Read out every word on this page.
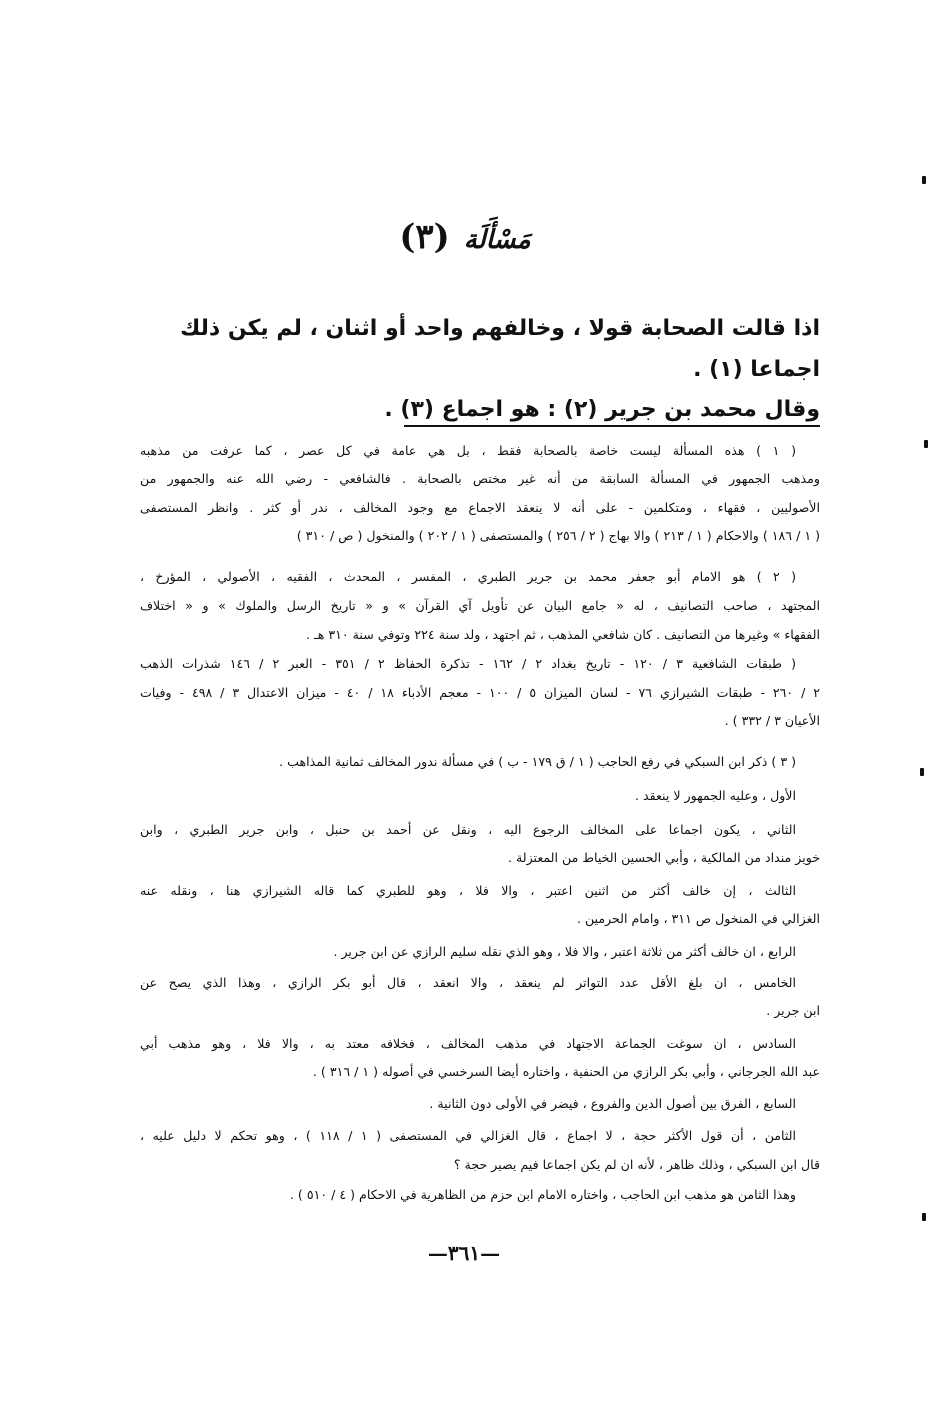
مَسْأَلَة(٣)
اذا قالت الصحابة قولا ، وخالفهم واحد أو اثنان ، لم يكن ذلك
اجماعا (١) .
وقال محمد بن جرير (٢) : هو اجماع (٣) .
( ١ ) هذه المسألة ليست خاصة بالصحابة فقط ، بل هي عامة في كل عصر ، كما عرفت من مذهبه
ومذهب الجمهور في المسألة السابقة من أنه غير مختص بالصحابة . فالشافعي - رضي الله عنه والجمهور من
الأصوليين ، فقهاء ، ومتكلمين - على أنه لا ينعقد الاجماع مع وجود المخالف ، ندر أو كثر . وانظر المستصفى
( ١ / ١٨٦ ) والاحكام ( ١ / ٢١٣ ) والا بهاج ( ٢ / ٢٥٦ ) والمستصفى ( ١ / ٢٠٢ ) والمنخول ( ص / ٣١٠ )
( ٢ ) هو الامام أبو جعفر محمد بن جرير الطبري ، المفسر ، المحدث ، الفقيه ، الأصولي ، المؤرخ ،
المجتهد ، صاحب التصانيف ، له « جامع البيان عن تأويل آي القرآن » و « تاريخ الرسل والملوك » و « اختلاف
الفقهاء » وغيرها من التصانيف . كان شافعي المذهب ، ثم اجتهد ، ولد سنة ٢٢٤ وتوفي سنة ٣١٠ هـ .
( طبقات الشافعية ٣ / ١٢٠ - تاريخ بغداد ٢ / ١٦٢ - تذكرة الحفاظ ٢ / ٣٥١ - العبر ٢ / ١٤٦ شذرات الذهب
٢ / ٢٦٠ - طبقات الشيرازي ٧٦ - لسان الميزان ٥ / ١٠٠ - معجم الأدباء ١٨ / ٤٠ - ميزان الاعتدال ٣ / ٤٩٨ - وفيات
الأعيان ٣ / ٣٣٢ ) .
( ٣ ) ذكر ابن السبكي في رفع الحاجب ( ١ / ق ١٧٩ - ب ) في مسألة ندور المخالف ثمانية المذاهب .
الأول ، وعليه الجمهور لا ينعقد .
الثاني ، يكون اجماعا على المخالف الرجوع اليه ، ونقل عن أحمد بن حنبل ، وابن جرير الطبري ، وابن
خويز منداد من المالكية ، وأبي الحسين الخياط من المعتزلة .
الثالث ، إن خالف أكثر من اثنين اعتبر ، والا فلا ، وهو للطبري كما قاله الشيرازي هنا ، ونقله عنه
الغزالي في المنخول ص ٣١١ ، وامام الحرمين .
الرابع ، ان خالف أكثر من ثلاثة اعتبر ، والا فلا ، وهو الذي نقله سليم الرازي عن ابن جرير .
الخامس ، ان بلغ الأقل عدد التواتر لم ينعقد ، والا انعقد ، قال أبو بكر الرازي ، وهذا الذي يصح عن
ابن جرير .
السادس ، ان سوغت الجماعة الاجتهاد في مذهب المخالف ، فخلافه معتد به ، والا فلا ، وهو مذهب أبي
عبد الله الجرجاني ، وأبي بكر الرازي من الحنفية ، واختاره أيضا السرخسي في أصوله ( ١ / ٣١٦ ) .
السابع ، الفرق بين أصول الدين والفروع ، فيضر في الأولى دون الثانية .
الثامن ، أن قول الأكثر حجة ، لا اجماع ، قال الغزالي في المستصفى ( ١ / ١١٨ ) ، وهو تحكم لا دليل عليه ،
قال ابن السبكي ، وذلك ظاهر ، لأنه ان لم يكن اجماعا فيم يصير حجة ؟
وهذا الثامن هو مذهب ابن الحاجب ، واختاره الامام ابن حزم من الظاهرية في الاحكام ( ٤ / ٥١٠ ) .
—٣٦١—
